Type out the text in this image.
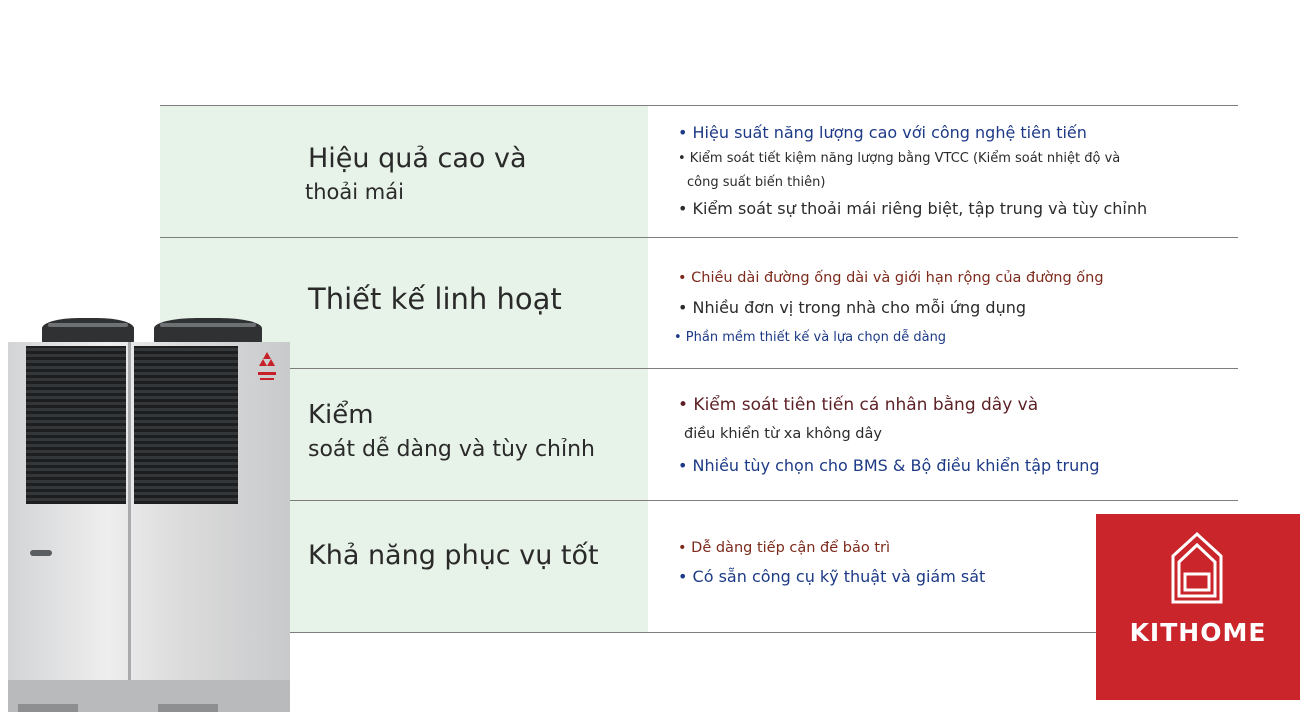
Hiệu quả cao và
thoải mái
• Hiệu suất năng lượng cao với công nghệ tiên tiến
• Kiểm soát tiết kiệm năng lượng bằng VTCC (Kiểm soát nhiệt độ và
công suất biến thiên)
• Kiểm soát sự thoải mái riêng biệt, tập trung và tùy chỉnh
Thiết kế linh hoạt
• Chiều dài đường ống dài và giới hạn rộng của đường ống
• Nhiều đơn vị trong nhà cho mỗi ứng dụng
• Phần mềm thiết kế và lựa chọn dễ dàng
Kiểm
soát dễ dàng và tùy chỉnh
• Kiểm soát tiên tiến cá nhân bằng dây và
điều khiển từ xa không dây
• Nhiều tùy chọn cho BMS & Bộ điều khiển tập trung
Khả năng phục vụ tốt	• Dễ dàng tiếp cận để bảo trì
• Có sẵn công cụ kỹ thuật và giám sát
KITHOME
